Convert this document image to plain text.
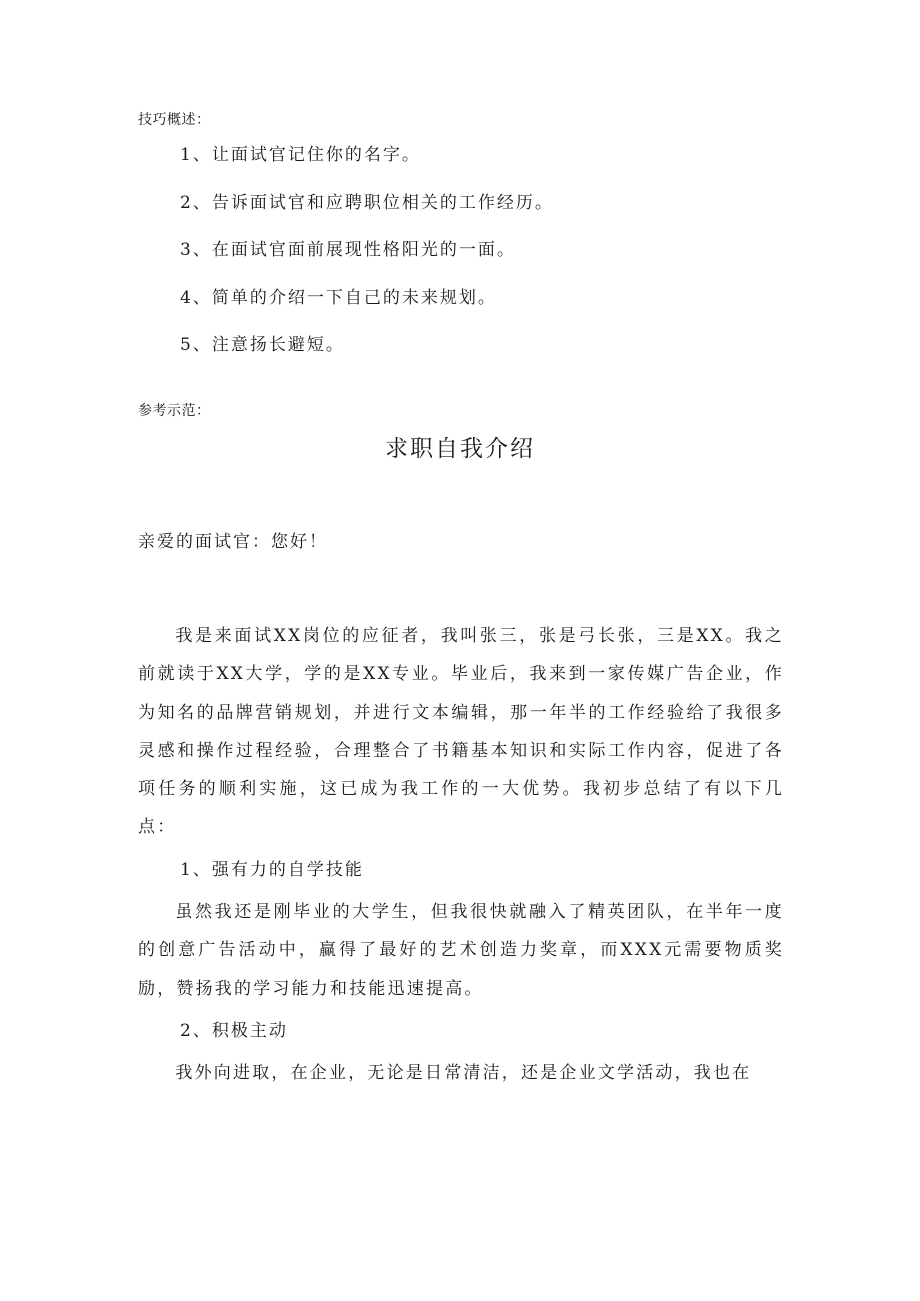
技巧概述：
1、让面试官记住你的名字。
2、告诉面试官和应聘职位相关的工作经历。
3、在面试官面前展现性格阳光的一面。
4、简单的介绍一下自己的未来规划。
5、注意扬长避短。
参考示范：
求职自我介绍
亲爱的面试官：您好！

我是来面试XX岗位的应征者，我叫张三，张是弓长张，三是XX。我之前就读于XX大学，学的是XX专业。毕业后，我来到一家传媒广告企业，作为知名的品牌营销规划，并进行文本编辑，那一年半的工作经验给了我很多灵感和操作过程经验，合理整合了书籍基本知识和实际工作内容，促进了各项任务的顺利实施，这已成为我工作的一大优势。我初步总结了有以下几点：

1、强有力的自学技能

虽然我还是刚毕业的大学生，但我很快就融入了精英团队，在半年一度的创意广告活动中，赢得了最好的艺术创造力奖章，而XXX元需要物质奖励，赞扬我的学习能力和技能迅速提高。

2、积极主动

我外向进取，在企业，无论是日常清洁，还是企业文学活动，我也在
